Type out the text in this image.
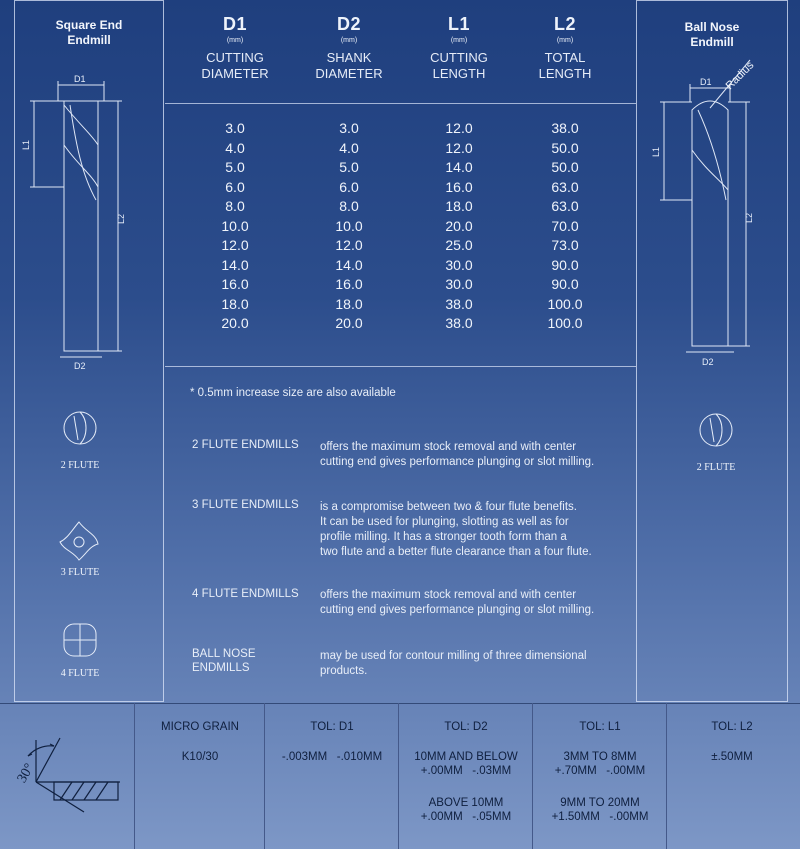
Square End
Endmill
D1
L1
L2
D2
2 FLUTE
3 FLUTE
4 FLUTE
Ball Nose
Endmill
D1 Radius
L1
L2
D2
2 FLUTE
D1
(mm)
CUTTING
DIAMETER
D2
(mm)
SHANK
DIAMETER
L1
(mm)
CUTTING
LENGTH
L2
(mm)
TOTAL
LENGTH
3.0	3.0	12.0	38.0
4.0	4.0	12.0	50.0
5.0	5.0	14.0	50.0
6.0	6.0	16.0	63.0
8.0	8.0	18.0	63.0
10.0	10.0	20.0	70.0
12.0	12.0	25.0	73.0
14.0	14.0	30.0	90.0
16.0	16.0	30.0	90.0
18.0	18.0	38.0	100.0
20.0	20.0	38.0	100.0
* 0.5mm increase size are also available
2 FLUTE ENDMILLS	offers the maximum stock removal and with center
cutting end gives performance plunging or slot milling.
3 FLUTE ENDMILLS	is a compromise between two & four flute benefits.
It can be used for plunging, slotting as well as for
profile milling. It has a stronger tooth form than a
two flute and a better flute clearance than a four flute.
4 FLUTE ENDMILLS	offers the maximum stock removal and with center
cutting end gives performance plunging or slot milling.
BALL NOSE
ENDMILLS
may be used for contour milling of three dimensional
products.
30°
MICRO GRAIN
K10/30
TOL: D1
-.003MM   -.010MM
TOL: D2
10MM AND BELOW
+.00MM   -.03MM
ABOVE 10MM
+.00MM   -.05MM
TOL: L1
3MM TO 8MM
+.70MM   -.00MM
9MM TO 20MM
+1.50MM   -.00MM
TOL: L2
±.50MM
